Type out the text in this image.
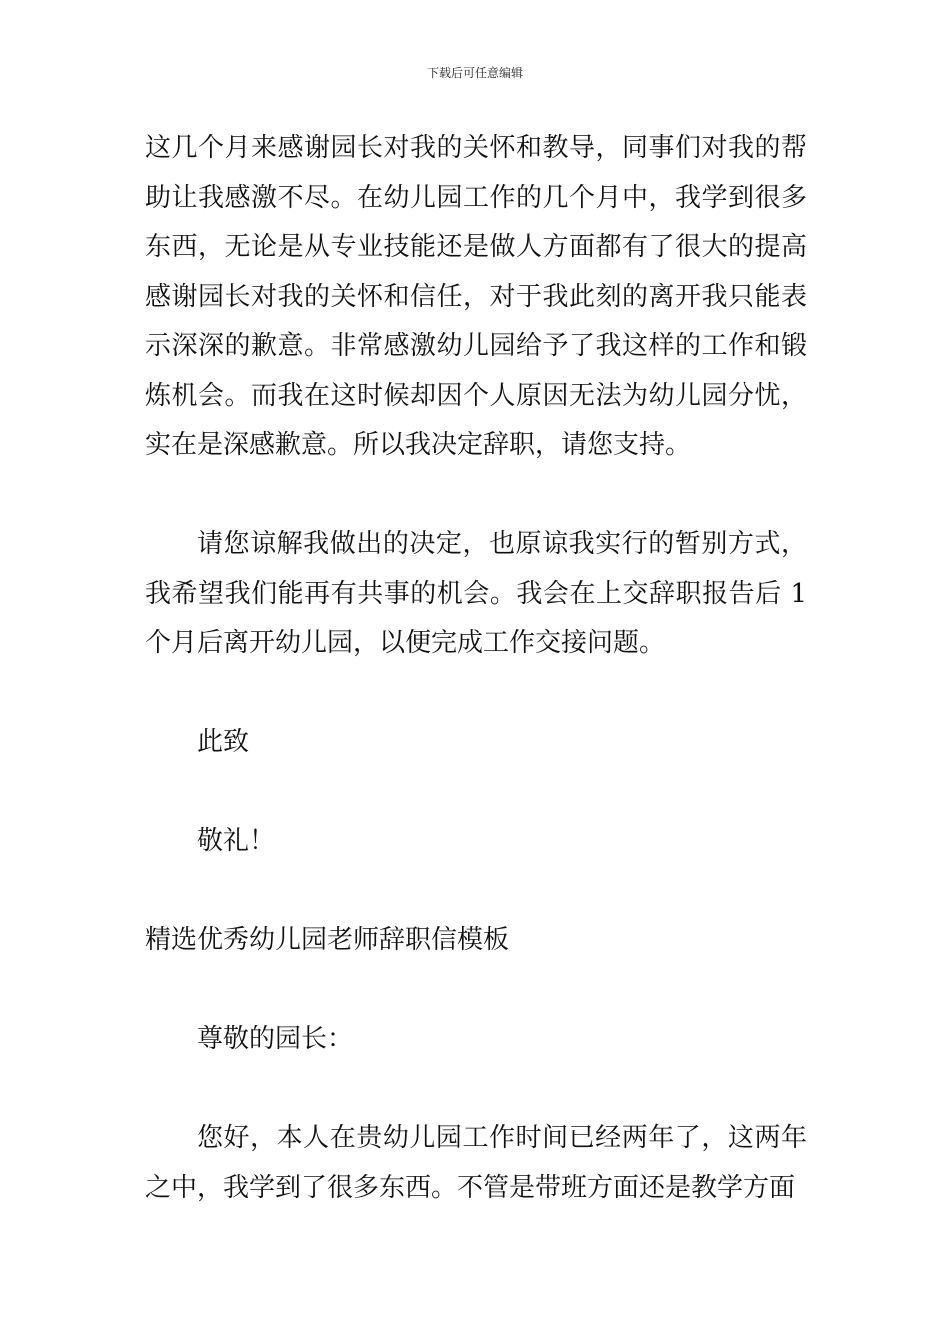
下载后可任意编辑

这几个月来感谢园长对我的关怀和教导，同事们对我的帮助让我感激不尽。在幼儿园工作的几个月中，我学到很多东西，无论是从专业技能还是做人方面都有了很大的提高感谢园长对我的关怀和信任，对于我此刻的离开我只能表示深深的歉意。非常感激幼儿园给予了我这样的工作和锻炼机会。而我在这时候却因个人原因无法为幼儿园分忧，实在是深感歉意。所以我决定辞职，请您支持。

请您谅解我做出的决定，也原谅我实行的暂别方式，我希望我们能再有共事的机会。我会在上交辞职报告后 1 个月后离开幼儿园，以便完成工作交接问题。

此致

敬礼！

精选优秀幼儿园老师辞职信模板

尊敬的园长：

您好，本人在贵幼儿园工作时间已经两年了，这两年之中，我学到了很多东西。不管是带班方面还是教学方面
